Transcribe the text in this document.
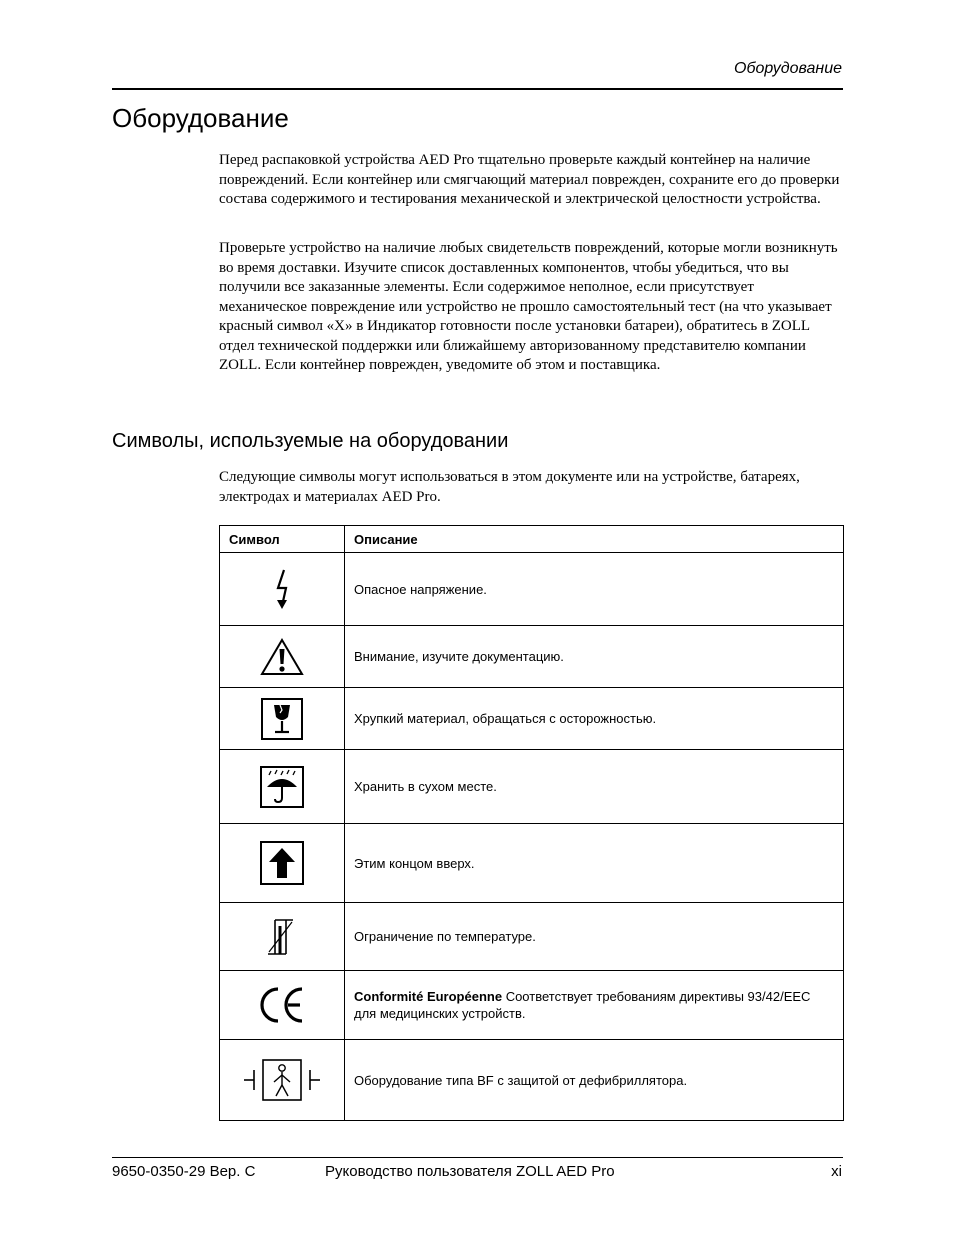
Оборудование
Оборудование

Перед распаковкой устройства AED Pro тщательно проверьте каждый контейнер на наличие повреждений. Если контейнер или смягчающий материал поврежден, сохраните его до проверки состава содержимого и тестирования механической и электрической целостности устройства.

Проверьте устройство на наличие любых свидетельств повреждений, которые могли возникнуть во время доставки. Изучите список доставленных компонентов, чтобы убедиться, что вы получили все заказанные элементы. Если содержимое неполное, если присутствует механическое повреждение или устройство не прошло самостоятельный тест (на что указывает красный символ «X» в Индикатор готовности после установки батареи), обратитесь в ZOLL отдел технической поддержки или ближайшему авторизованному представителю компании ZOLL. Если контейнер поврежден, уведомите об этом и поставщика.

Символы, используемые на оборудовании

Следующие символы могут использоваться в этом документе или на устройстве, батареях, электродах и материалах AED Pro.

Символ	Описание
	Опасное напряжение.
	Внимание, изучите документацию.
	Хрупкий материал, обращаться с осторожностью.
	Хранить в сухом месте.
	Этим концом вверх.
	Ограничение по температуре.
	Conformité Européenne Соответствует требованиям директивы 93/42/EEC для медицинских устройств.
	Оборудование типа BF с защитой от дефибриллятора.
9650-0350-29 Вер. C	Руководство пользователя ZOLL AED Pro	xi
